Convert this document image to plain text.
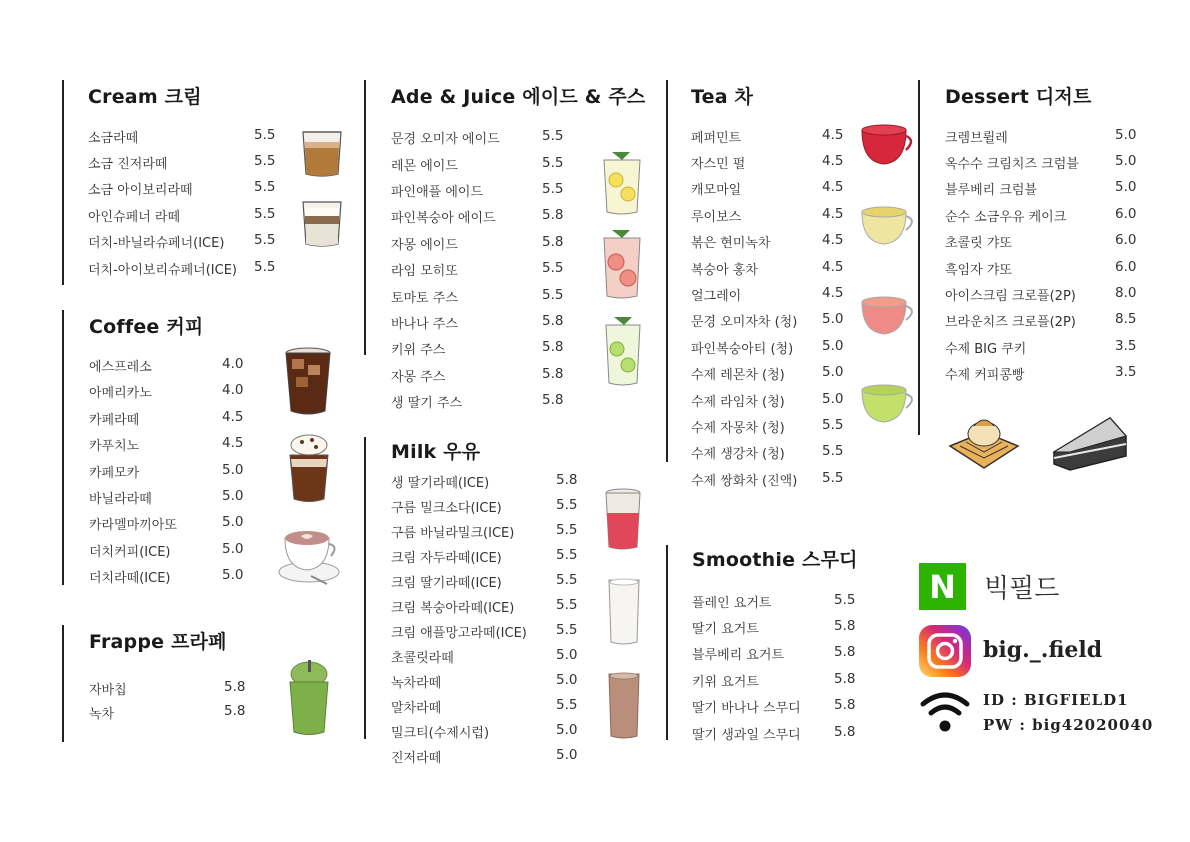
Cream 크림
소금라떼	5.5
소금 진저라떼	5.5
소금 아이보리라떼	5.5
아인슈페너 라떼	5.5
더치-바닐라슈페너(ICE) 5.5
더치-아이보리슈페너(ICE) 5.5
Coffee 커피
에스프레소	4.0
아메리카노	4.0
카페라떼	4.5
카푸치노	4.5
카페모카	5.0
바닐라라떼	5.0
카라멜마끼아또	5.0
더치커피(ICE)	5.0
더치라떼(ICE)	5.0
Frappe 프라페
자바칩	5.8
녹차	5.8
Ade & Juice 에이드 & 주스
문경 오미자 에이드	5.5
레몬 에이드	5.5
파인애플 에이드	5.5
파인복숭아 에이드	5.8
자몽 에이드	5.8
라임 모히또	5.5
토마토 주스	5.5
바나나 주스	5.8
키위 주스	5.8
자몽 주스	5.8
생 딸기 주스	5.8
Milk 우유
생 딸기라떼(ICE)	5.8
구름 밀크소다(ICE)	5.5
구름 바닐라밀크(ICE)	5.5
크림 자두라떼(ICE)	5.5
크림 딸기라떼(ICE)	5.5
크림 복숭아라떼(ICE)	5.5
크림 애플망고라떼(ICE) 5.5
초콜릿라떼	5.0
녹차라떼	5.0
말차라떼	5.5
밀크티(수제시럽)	5.0
진저라떼	5.0
Tea 차
페퍼민트	4.5
자스민 펄	4.5
캐모마일	4.5
루이보스	4.5
볶은 현미녹차	4.5
복숭아 홍차	4.5
얼그레이	4.5
문경 오미자차 (청) 5.0
파인복숭아티 (청) 5.0
수제 레몬차 (청)	5.0
수제 라임차 (청)	5.0
수제 자몽차 (청)	5.5
수제 생강차 (청)	5.5
수제 쌍화차 (진액) 5.5
Smoothie 스무디
플레인 요거트	5.5
딸기 요거트	5.8
블루베리 요거트	5.8
키위 요거트	5.8
딸기 바나나 스무디 5.8
딸기 생과일 스무디 5.8
Dessert 디저트
크렘브륄레	5.0
옥수수 크림치즈 크럼블	5.0
블루베리 크럼블	5.0
순수 소금우유 케이크	6.0
초콜릿 갸또	6.0
흑임자 갸또	6.0
아이스크림 크로플(2P)	8.0
브라운치즈 크로플(2P)	8.5
수제 BIG 쿠키	3.5
수제 커피콩빵	3.5
N	빅필드
big._.field
ID : BIGFIELD1
PW : big42020040
